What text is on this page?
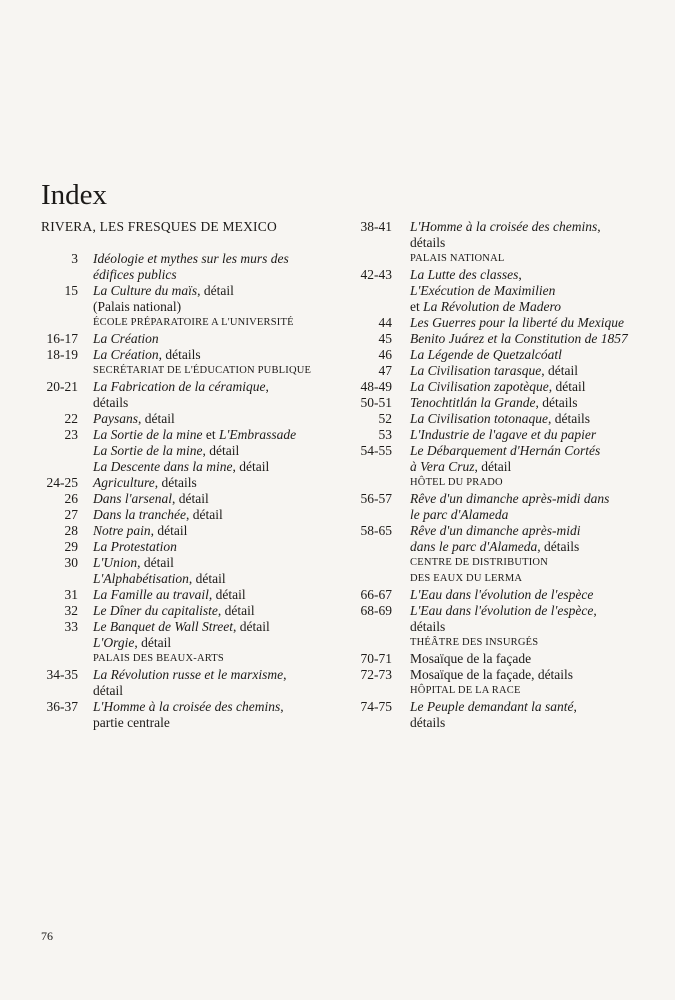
Index
RIVERA, LES FRESQUES DE MEXICO
3 Idéologie et mythes sur les murs des
édifices publics
15 La Culture du maïs, détail
(Palais national)
ÉCOLE PRÉPARATOIRE A L'UNIVERSITÉ
16-17 La Création
18-19 La Création, détails
SECRÉTARIAT DE L'ÉDUCATION PUBLIQUE
20-21 La Fabrication de la céramique,
détails
22 Paysans, détail
23 La Sortie de la mine et L'Embrassade
La Sortie de la mine, détail
La Descente dans la mine, détail
24-25 Agriculture, détails
26 Dans l'arsenal, détail
27 Dans la tranchée, détail
28 Notre pain, détail
29 La Protestation
30 L'Union, détail
L'Alphabétisation, détail
31 La Famille au travail, détail
32 Le Dîner du capitaliste, détail
33 Le Banquet de Wall Street, détail
L'Orgie, détail
PALAIS DES BEAUX-ARTS
34-35 La Révolution russe et le marxisme,
détail
36-37 L'Homme à la croisée des chemins,
partie centrale
38-41 L'Homme à la croisée des chemins,
détails
PALAIS NATIONAL
42-43 La Lutte des classes,
L'Exécution de Maximilien
et La Révolution de Madero
44 Les Guerres pour la liberté du Mexique
45 Benito Juárez et la Constitution de 1857
46 La Légende de Quetzalcóatl
47 La Civilisation tarasque, détail
48-49 La Civilisation zapotèque, détail
50-51 Tenochtitlán la Grande, détails
52 La Civilisation totonaque, détails
53 L'Industrie de l'agave et du papier
54-55 Le Débarquement d'Hernán Cortés
à Vera Cruz, détail
HÔTEL DU PRADO
56-57 Rêve d'un dimanche après-midi dans
le parc d'Alameda
58-65 Rêve d'un dimanche après-midi
dans le parc d'Alameda, détails
CENTRE DE DISTRIBUTION
DES EAUX DU LERMA
66-67 L'Eau dans l'évolution de l'espèce
68-69 L'Eau dans l'évolution de l'espèce,
détails
THÉÂTRE DES INSURGÉS
70-71 Mosaïque de la façade
72-73 Mosaïque de la façade, détails
HÔPITAL DE LA RACE
74-75 Le Peuple demandant la santé,
détails
76
